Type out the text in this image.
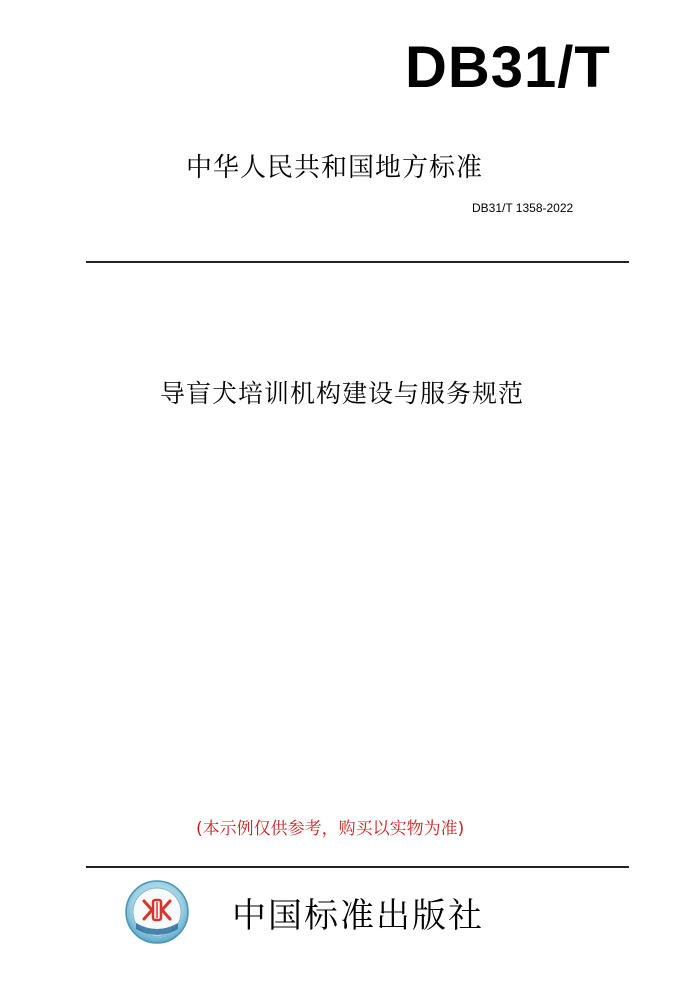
DB31/T
中华人民共和国地方标准
DB31/T 1358-2022
导盲犬培训机构建设与服务规范
(本示例仅供参考，购买以实物为准)
中国标准出版社
